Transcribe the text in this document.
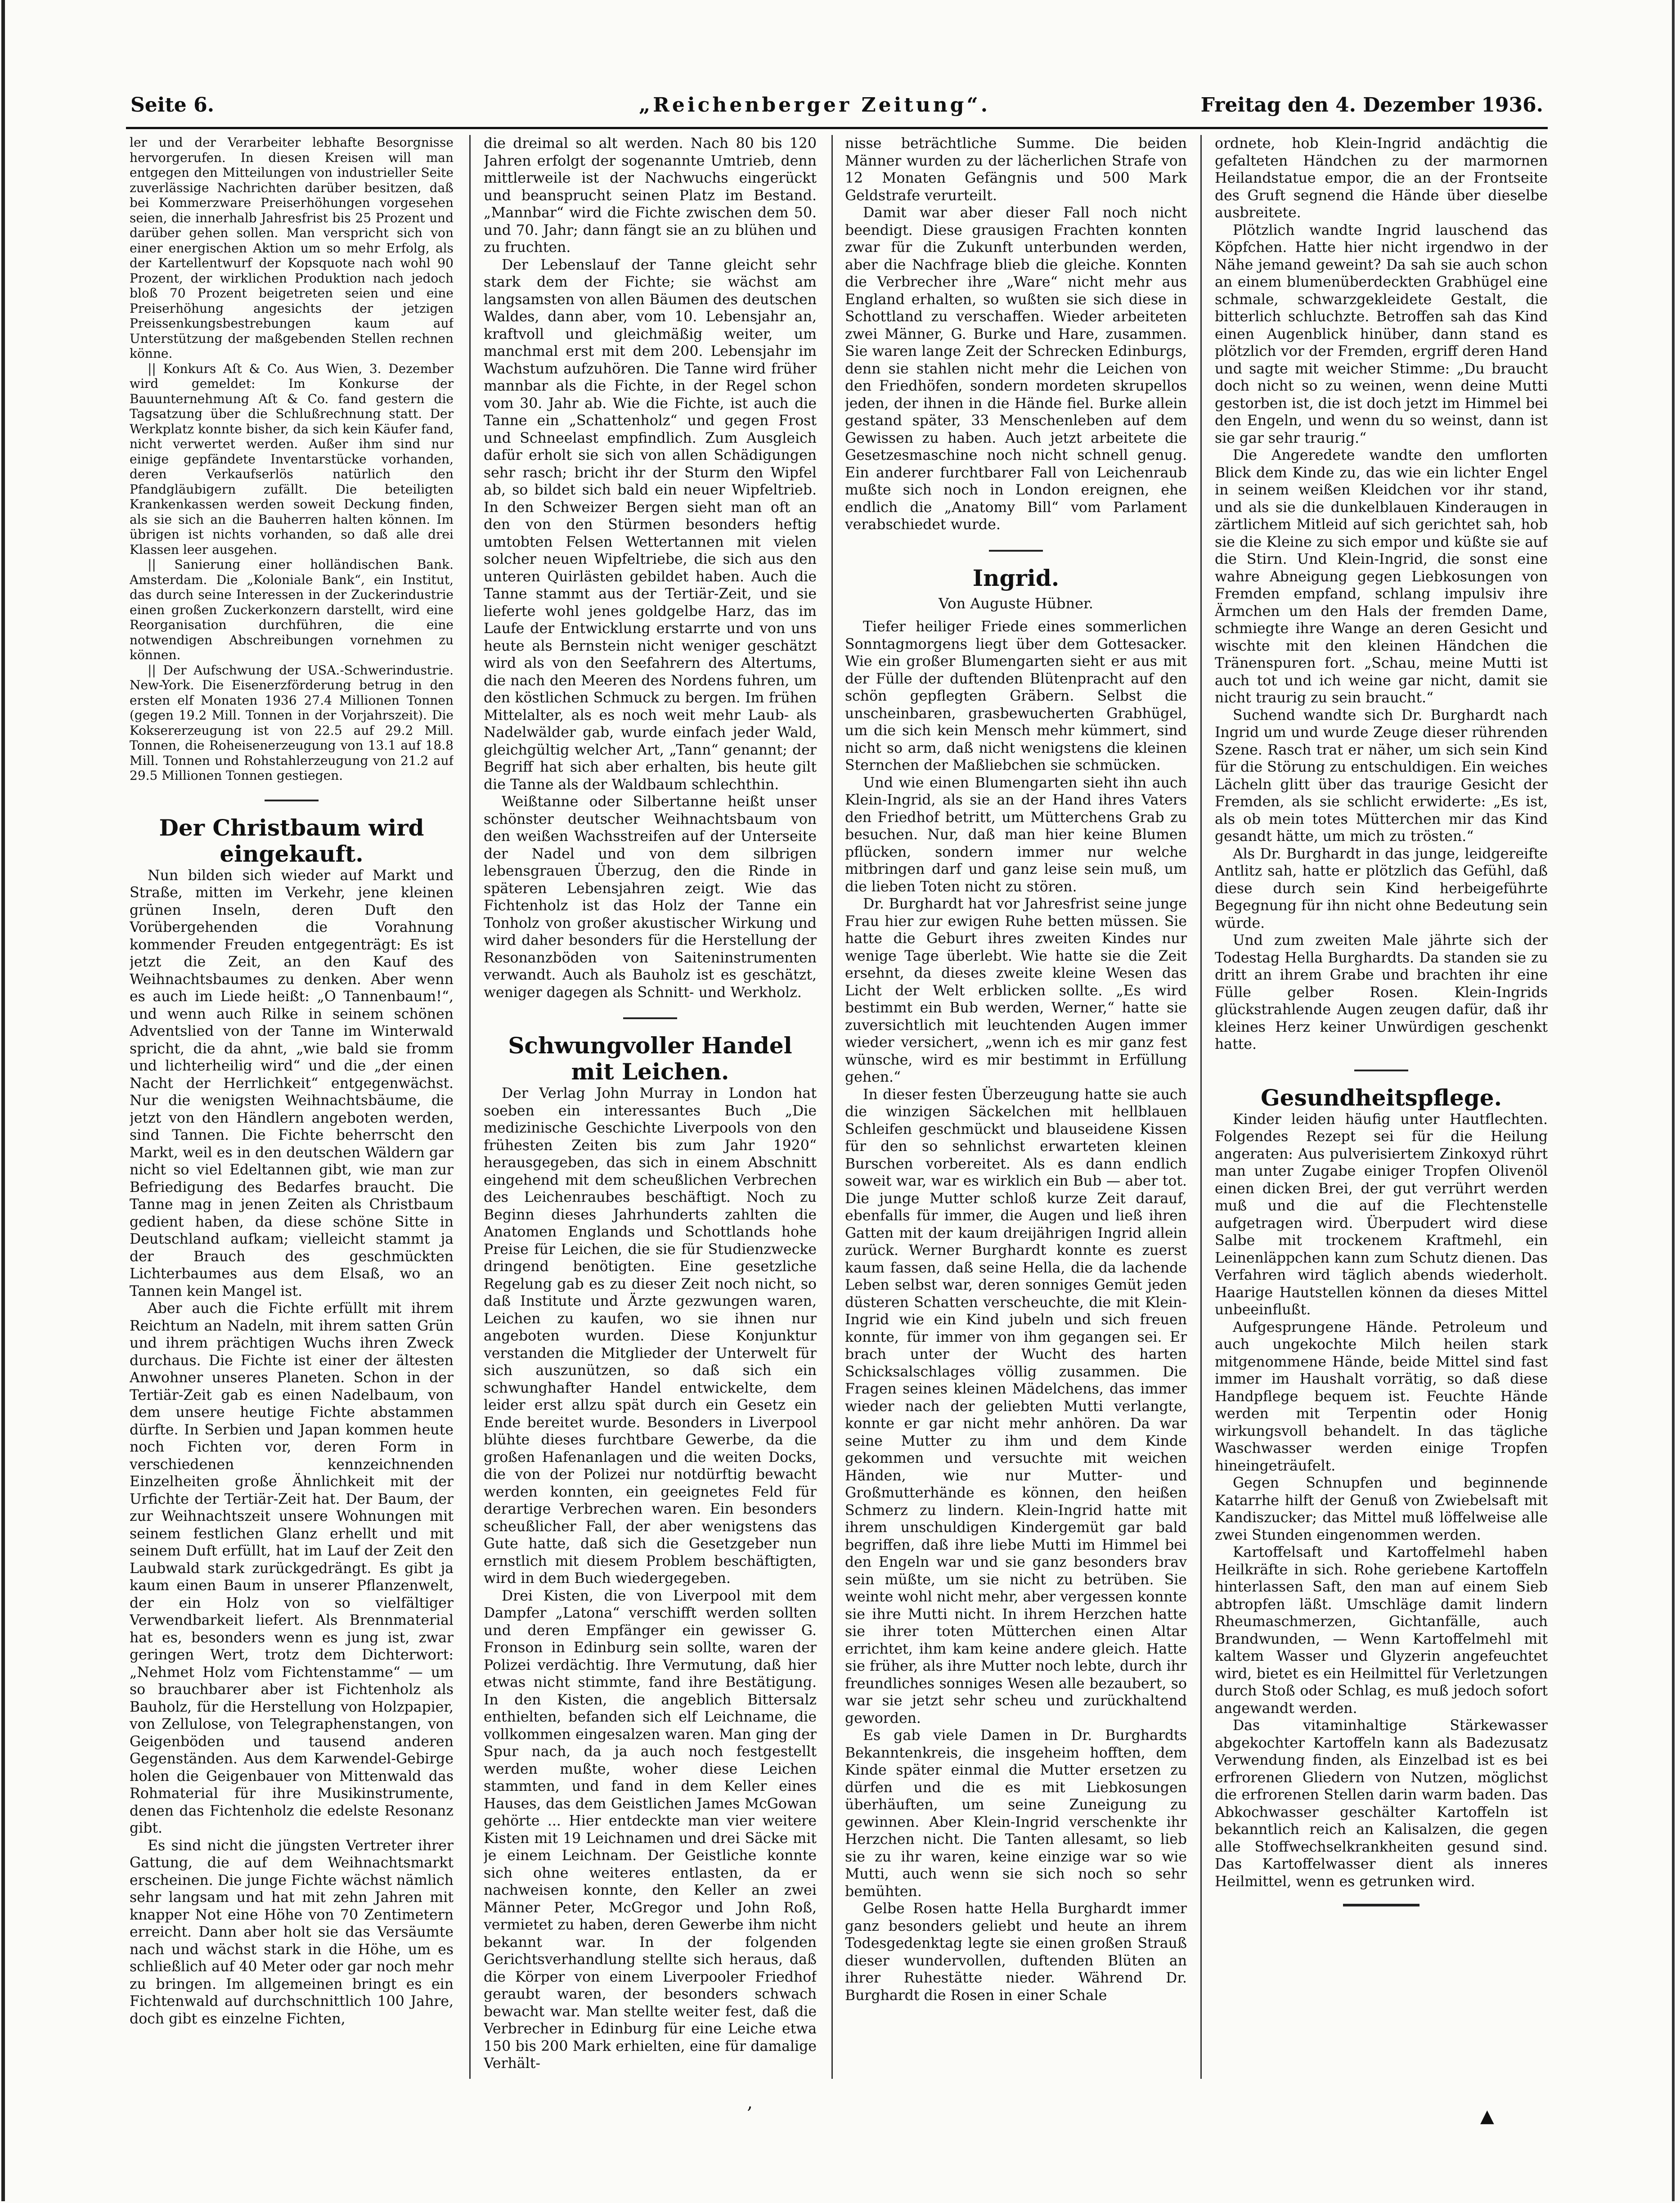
Seite 6.	„Reichenberger Zeitung“.	Freitag den 4. Dezember 1936.

ler und der Verarbeiter lebhafte Besorgnisse hervorgerufen. In diesen Kreisen will man entgegen den Mitteilungen von industrieller Seite zuverlässige Nachrichten darüber besitzen, daß bei Kommerzware Preiserhöhungen vorgesehen seien, die innerhalb Jahresfrist bis 25 Prozent und darüber gehen sollen. Man verspricht sich von einer energischen Aktion um so mehr Erfolg, als der Kartellentwurf der Kopsquote nach wohl 90 Prozent, der wirklichen Produktion nach jedoch bloß 70 Prozent beigetreten seien und eine Preiserhöhung angesichts der jetzigen Preissenkungsbestrebungen kaum auf Unterstützung der maßgebenden Stellen rechnen könne.

|| Konkurs Aſt & Co. Aus Wien, 3. Dezember wird gemeldet: Im Konkurse der Bauunternehmung Aſt & Co. fand gestern die Tagsatzung über die Schlußrechnung statt. Der Werkplatz konnte bisher, da sich kein Käufer fand, nicht verwertet werden. Außer ihm sind nur einige gepfändete Inventarstücke vorhanden, deren Verkaufserlös natürlich den Pfandgläubigern zufällt. Die beteiligten Krankenkassen werden soweit Deckung finden, als sie sich an die Bauherren halten können. Im übrigen ist nichts vorhanden, so daß alle drei Klassen leer ausgehen.

|| Sanierung einer holländischen Bank. Amsterdam. Die „Koloniale Bank“, ein Institut, das durch seine Interessen in der Zuckerindustrie einen großen Zuckerkonzern darstellt, wird eine Reorganisation durchführen, die eine notwendigen Abschreibungen vornehmen zu können.

|| Der Aufschwung der USA.-Schwerindustrie. New-York. Die Eisenerzförderung betrug in den ersten elf Monaten 1936 27.4 Millionen Tonnen (gegen 19.2 Mill. Tonnen in der Vorjahrszeit). Die Koksererzeugung ist von 22.5 auf 29.2 Mill. Tonnen, die Roheisenerzeugung von 13.1 auf 18.8 Mill. Tonnen und Rohstahlerzeugung von 21.2 auf 29.5 Millionen Tonnen gestiegen.

Der Christbaum wird eingekauft.

Nun bilden sich wieder auf Markt und Straße, mitten im Verkehr, jene kleinen grünen Inseln, deren Duft den Vorübergehenden die Vorahnung kommender Freuden entgegenträgt: Es ist jetzt die Zeit, an den Kauf des Weihnachtsbaumes zu denken. Aber wenn es auch im Liede heißt: „O Tannenbaum!“, und wenn auch Rilke in seinem schönen Adventslied von der Tanne im Winterwald spricht, die da ahnt, „wie bald sie fromm und lichterheilig wird“ und die „der einen Nacht der Herrlichkeit“ entgegenwächst. Nur die wenigsten Weihnachtsbäume, die jetzt von den Händlern angeboten werden, sind Tannen. Die Fichte beherrscht den Markt, weil es in den deutschen Wäldern gar nicht so viel Edeltannen gibt, wie man zur Befriedigung des Bedarfes braucht. Die Tanne mag in jenen Zeiten als Christbaum gedient haben, da diese schöne Sitte in Deutschland aufkam; vielleicht stammt ja der Brauch des geschmückten Lichterbaumes aus dem Elsaß, wo an Tannen kein Mangel ist.

Aber auch die Fichte erfüllt mit ihrem Reichtum an Nadeln, mit ihrem satten Grün und ihrem prächtigen Wuchs ihren Zweck durchaus. Die Fichte ist einer der ältesten Anwohner unseres Planeten. Schon in der Tertiär-Zeit gab es einen Nadelbaum, von dem unsere heutige Fichte abstammen dürfte. In Serbien und Japan kommen heute noch Fichten vor, deren Form in verschiedenen kennzeichnenden Einzelheiten große Ähnlichkeit mit der Urfichte der Tertiär-Zeit hat. Der Baum, der zur Weihnachtszeit unsere Wohnungen mit seinem festlichen Glanz erhellt und mit seinem Duft erfüllt, hat im Lauf der Zeit den Laubwald stark zurückgedrängt. Es gibt ja kaum einen Baum in unserer Pflanzenwelt, der ein Holz von so vielfältiger Verwendbarkeit liefert. Als Brennmaterial hat es, besonders wenn es jung ist, zwar geringen Wert, trotz dem Dichterwort: „Nehmet Holz vom Fichtenstamme“ — um so brauchbarer aber ist Fichtenholz als Bauholz, für die Herstellung von Holzpapier, von Zellulose, von Telegraphenstangen, von Geigenböden und tausend anderen Gegenständen. Aus dem Karwendel-Gebirge holen die Geigenbauer von Mittenwald das Rohmaterial für ihre Musikinstrumente, denen das Fichtenholz die edelste Resonanz gibt.

Es sind nicht die jüngsten Vertreter ihrer Gattung, die auf dem Weihnachtsmarkt erscheinen. Die junge Fichte wächst nämlich sehr langsam und hat mit zehn Jahren mit knapper Not eine Höhe von 70 Zentimetern erreicht. Dann aber holt sie das Versäumte nach und wächst stark in die Höhe, um es schließlich auf 40 Meter oder gar noch mehr zu bringen. Im allgemeinen bringt es ein Fichtenwald auf durchschnittlich 100 Jahre, doch gibt es einzelne Fichten,

die dreimal so alt werden. Nach 80 bis 120 Jahren erfolgt der sogenannte Umtrieb, denn mittlerweile ist der Nachwuchs eingerückt und beansprucht seinen Platz im Bestand. „Mannbar“ wird die Fichte zwischen dem 50. und 70. Jahr; dann fängt sie an zu blühen und zu fruchten.

Der Lebenslauf der Tanne gleicht sehr stark dem der Fichte; sie wächst am langsamsten von allen Bäumen des deutschen Waldes, dann aber, vom 10. Lebensjahr an, kraftvoll und gleichmäßig weiter, um manchmal erst mit dem 200. Lebensjahr im Wachstum aufzuhören. Die Tanne wird früher mannbar als die Fichte, in der Regel schon vom 30. Jahr ab. Wie die Fichte, ist auch die Tanne ein „Schattenholz“ und gegen Frost und Schneelast empfindlich. Zum Ausgleich dafür erholt sie sich von allen Schädigungen sehr rasch; bricht ihr der Sturm den Wipfel ab, so bildet sich bald ein neuer Wipfeltrieb. In den Schweizer Bergen sieht man oft an den von den Stürmen besonders heftig umtobten Felsen Wettertannen mit vielen solcher neuen Wipfeltriebe, die sich aus den unteren Quirlästen gebildet haben. Auch die Tanne stammt aus der Tertiär-Zeit, und sie lieferte wohl jenes goldgelbe Harz, das im Laufe der Entwicklung erstarrte und von uns heute als Bernstein nicht weniger geschätzt wird als von den Seefahrern des Altertums, die nach den Meeren des Nordens fuhren, um den köstlichen Schmuck zu bergen. Im frühen Mittelalter, als es noch weit mehr Laub- als Nadelwälder gab, wurde einfach jeder Wald, gleichgültig welcher Art, „Tann“ genannt; der Begriff hat sich aber erhalten, bis heute gilt die Tanne als der Waldbaum schlechthin.

Weißtanne oder Silbertanne heißt unser schönster deutscher Weihnachtsbaum von den weißen Wachsstreifen auf der Unterseite der Nadel und von dem silbrigen lebensgrauen Überzug, den die Rinde in späteren Lebensjahren zeigt. Wie das Fichtenholz ist das Holz der Tanne ein Tonholz von großer akustischer Wirkung und wird daher besonders für die Herstellung der Resonanzböden von Saiteninstrumenten verwandt. Auch als Bauholz ist es geschätzt, weniger dagegen als Schnitt- und Werkholz.

Schwungvoller Handel mit Leichen.

Der Verlag John Murray in London hat soeben ein interessantes Buch „Die medizinische Geschichte Liverpools von den frühesten Zeiten bis zum Jahr 1920“ herausgegeben, das sich in einem Abschnitt eingehend mit dem scheußlichen Verbrechen des Leichenraubes beschäftigt. Noch zu Beginn dieses Jahrhunderts zahlten die Anatomen Englands und Schottlands hohe Preise für Leichen, die sie für Studienzwecke dringend benötigten. Eine gesetzliche Regelung gab es zu dieser Zeit noch nicht, so daß Institute und Ärzte gezwungen waren, Leichen zu kaufen, wo sie ihnen nur angeboten wurden. Diese Konjunktur verstanden die Mitglieder der Unterwelt für sich auszunützen, so daß sich ein schwunghafter Handel entwickelte, dem leider erst allzu spät durch ein Gesetz ein Ende bereitet wurde. Besonders in Liverpool blühte dieses furchtbare Gewerbe, da die großen Hafenanlagen und die weiten Docks, die von der Polizei nur notdürftig bewacht werden konnten, ein geeignetes Feld für derartige Verbrechen waren. Ein besonders scheußlicher Fall, der aber wenigstens das Gute hatte, daß sich die Gesetzgeber nun ernstlich mit diesem Problem beschäftigten, wird in dem Buch wiedergegeben.

Drei Kisten, die von Liverpool mit dem Dampfer „Latona“ verschifft werden sollten und deren Empfänger ein gewisser G. Fronson in Edinburg sein sollte, waren der Polizei verdächtig. Ihre Vermutung, daß hier etwas nicht stimmte, fand ihre Bestätigung. In den Kisten, die angeblich Bittersalz enthielten, befanden sich elf Leichname, die vollkommen eingesalzen waren. Man ging der Spur nach, da ja auch noch festgestellt werden mußte, woher diese Leichen stammten, und fand in dem Keller eines Hauses, das dem Geistlichen James McGowan gehörte ... Hier entdeckte man vier weitere Kisten mit 19 Leichnamen und drei Säcke mit je einem Leichnam. Der Geistliche konnte sich ohne weiteres entlasten, da er nachweisen konnte, den Keller an zwei Männer Peter, McGregor und John Roß, vermietet zu haben, deren Gewerbe ihm nicht bekannt war. In der folgenden Gerichtsverhandlung stellte sich heraus, daß die Körper von einem Liverpooler Friedhof geraubt waren, der besonders schwach bewacht war. Man stellte weiter fest, daß die Verbrecher in Edinburg für eine Leiche etwa 150 bis 200 Mark erhielten, eine für damalige Verhält-

nisse beträchtliche Summe. Die beiden Männer wurden zu der lächerlichen Strafe von 12 Monaten Gefängnis und 500 Mark Geldstrafe verurteilt.

Damit war aber dieser Fall noch nicht beendigt. Diese grausigen Frachten konnten zwar für die Zukunft unterbunden werden, aber die Nachfrage blieb die gleiche. Konnten die Verbrecher ihre „Ware“ nicht mehr aus England erhalten, so wußten sie sich diese in Schottland zu verschaffen. Wieder arbeiteten zwei Männer, G. Burke und Hare, zusammen. Sie waren lange Zeit der Schrecken Edinburgs, denn sie stahlen nicht mehr die Leichen von den Friedhöfen, sondern mordeten skrupellos jeden, der ihnen in die Hände fiel. Burke allein gestand später, 33 Menschenleben auf dem Gewissen zu haben. Auch jetzt arbeitete die Gesetzesmaschine noch nicht schnell genug. Ein anderer furchtbarer Fall von Leichenraub mußte sich noch in London ereignen, ehe endlich die „Anatomy Bill“ vom Parlament verabschiedet wurde.

Ingrid.
Von Auguste Hübner.

Tiefer heiliger Friede eines sommerlichen Sonntagmorgens liegt über dem Gottesacker. Wie ein großer Blumengarten sieht er aus mit der Fülle der duftenden Blütenpracht auf den schön gepflegten Gräbern. Selbst die unscheinbaren, grasbewucherten Grabhügel, um die sich kein Mensch mehr kümmert, sind nicht so arm, daß nicht wenigstens die kleinen Sternchen der Maßliebchen sie schmücken.

Und wie einen Blumengarten sieht ihn auch Klein-Ingrid, als sie an der Hand ihres Vaters den Friedhof betritt, um Mütterchens Grab zu besuchen. Nur, daß man hier keine Blumen pflücken, sondern immer nur welche mitbringen darf und ganz leise sein muß, um die lieben Toten nicht zu stören.

Dr. Burghardt hat vor Jahresfrist seine junge Frau hier zur ewigen Ruhe betten müssen. Sie hatte die Geburt ihres zweiten Kindes nur wenige Tage überlebt. Wie hatte sie die Zeit ersehnt, da dieses zweite kleine Wesen das Licht der Welt erblicken sollte. „Es wird bestimmt ein Bub werden, Werner,“ hatte sie zuversichtlich mit leuchtenden Augen immer wieder versichert, „wenn ich es mir ganz fest wünsche, wird es mir bestimmt in Erfüllung gehen.“

In dieser festen Überzeugung hatte sie auch die winzigen Säckelchen mit hellblauen Schleifen geschmückt und blauseidene Kissen für den so sehnlichst erwarteten kleinen Burschen vorbereitet. Als es dann endlich soweit war, war es wirklich ein Bub — aber tot. Die junge Mutter schloß kurze Zeit darauf, ebenfalls für immer, die Augen und ließ ihren Gatten mit der kaum dreijährigen Ingrid allein zurück. Werner Burghardt konnte es zuerst kaum fassen, daß seine Hella, die da lachende Leben selbst war, deren sonniges Gemüt jeden düsteren Schatten verscheuchte, die mit Klein-Ingrid wie ein Kind jubeln und sich freuen konnte, für immer von ihm gegangen sei. Er brach unter der Wucht des harten Schicksalschlages völlig zusammen. Die Fragen seines kleinen Mädelchens, das immer wieder nach der geliebten Mutti verlangte, konnte er gar nicht mehr anhören. Da war seine Mutter zu ihm und dem Kinde gekommen und versuchte mit weichen Händen, wie nur Mutter- und Großmutterhände es können, den heißen Schmerz zu lindern. Klein-Ingrid hatte mit ihrem unschuldigen Kindergemüt gar bald begriffen, daß ihre liebe Mutti im Himmel bei den Engeln war und sie ganz besonders brav sein müßte, um sie nicht zu betrüben. Sie weinte wohl nicht mehr, aber vergessen konnte sie ihre Mutti nicht. In ihrem Herzchen hatte sie ihrer toten Mütterchen einen Altar errichtet, ihm kam keine andere gleich. Hatte sie früher, als ihre Mutter noch lebte, durch ihr freundliches sonniges Wesen alle bezaubert, so war sie jetzt sehr scheu und zurückhaltend geworden.

Es gab viele Damen in Dr. Burghardts Bekanntenkreis, die insgeheim hofften, dem Kinde später einmal die Mutter ersetzen zu dürfen und die es mit Liebkosungen überhäuften, um seine Zuneigung zu gewinnen. Aber Klein-Ingrid verschenkte ihr Herzchen nicht. Die Tanten allesamt, so lieb sie zu ihr waren, keine einzige war so wie Mutti, auch wenn sie sich noch so sehr bemühten.

Gelbe Rosen hatte Hella Burghardt immer ganz besonders geliebt und heute an ihrem Todesgedenktag legte sie einen großen Strauß dieser wundervollen, duftenden Blüten an ihrer Ruhestätte nieder. Während Dr. Burghardt die Rosen in einer Schale

ordnete, hob Klein-Ingrid andächtig die gefalteten Händchen zu der marmornen Heilandstatue empor, die an der Frontseite des Gruft segnend die Hände über dieselbe ausbreitete.

Plötzlich wandte Ingrid lauschend das Köpfchen. Hatte hier nicht irgendwo in der Nähe jemand geweint? Da sah sie auch schon an einem blumenüberdeckten Grabhügel eine schmale, schwarzgekleidete Gestalt, die bitterlich schluchzte. Betroffen sah das Kind einen Augenblick hinüber, dann stand es plötzlich vor der Fremden, ergriff deren Hand und sagte mit weicher Stimme: „Du braucht doch nicht so zu weinen, wenn deine Mutti gestorben ist, die ist doch jetzt im Himmel bei den Engeln, und wenn du so weinst, dann ist sie gar sehr traurig.“

Die Angeredete wandte den umflorten Blick dem Kinde zu, das wie ein lichter Engel in seinem weißen Kleidchen vor ihr stand, und als sie die dunkelblauen Kinderaugen in zärtlichem Mitleid auf sich gerichtet sah, hob sie die Kleine zu sich empor und küßte sie auf die Stirn. Und Klein-Ingrid, die sonst eine wahre Abneigung gegen Liebkosungen von Fremden empfand, schlang impulsiv ihre Ärmchen um den Hals der fremden Dame, schmiegte ihre Wange an deren Gesicht und wischte mit den kleinen Händchen die Tränenspuren fort. „Schau, meine Mutti ist auch tot und ich weine gar nicht, damit sie nicht traurig zu sein braucht.“

Suchend wandte sich Dr. Burghardt nach Ingrid um und wurde Zeuge dieser rührenden Szene. Rasch trat er näher, um sich sein Kind für die Störung zu entschuldigen. Ein weiches Lächeln glitt über das traurige Gesicht der Fremden, als sie schlicht erwiderte: „Es ist, als ob mein totes Mütterchen mir das Kind gesandt hätte, um mich zu trösten.“

Als Dr. Burghardt in das junge, leidgereifte Antlitz sah, hatte er plötzlich das Gefühl, daß diese durch sein Kind herbeigeführte Begegnung für ihn nicht ohne Bedeutung sein würde.

Und zum zweiten Male jährte sich der Todestag Hella Burghardts. Da standen sie zu dritt an ihrem Grabe und brachten ihr eine Fülle gelber Rosen. Klein-Ingrids glückstrahlende Augen zeugen dafür, daß ihr kleines Herz keiner Unwürdigen geschenkt hatte.

Gesundheitspflege.

Kinder leiden häufig unter Hautflechten. Folgendes Rezept sei für die Heilung angeraten: Aus pulverisiertem Zinkoxyd rührt man unter Zugabe einiger Tropfen Olivenöl einen dicken Brei, der gut verrührt werden muß und die auf die Flechtenstelle aufgetragen wird. Überpudert wird diese Salbe mit trockenem Kraftmehl, ein Leinenläppchen kann zum Schutz dienen. Das Verfahren wird täglich abends wiederholt. Haarige Hautstellen können da dieses Mittel unbeeinflußt.

Aufgesprungene Hände. Petroleum und auch ungekochte Milch heilen stark mitgenommene Hände, beide Mittel sind fast immer im Haushalt vorrätig, so daß diese Handpflege bequem ist. Feuchte Hände werden mit Terpentin oder Honig wirkungsvoll behandelt. In das tägliche Waschwasser werden einige Tropfen hineingeträufelt.

Gegen Schnupfen und beginnende Katarrhe hilft der Genuß von Zwiebelsaft mit Kandiszucker; das Mittel muß löffelweise alle zwei Stunden eingenommen werden.

Kartoffelsaft und Kartoffelmehl haben Heilkräfte in sich. Rohe geriebene Kartoffeln hinterlassen Saft, den man auf einem Sieb abtropfen läßt. Umschläge damit lindern Rheumaschmerzen, Gichtanfälle, auch Brandwunden, — Wenn Kartoffelmehl mit kaltem Wasser und Glyzerin angefeuchtet wird, bietet es ein Heilmittel für Verletzungen durch Stoß oder Schlag, es muß jedoch sofort angewandt werden.

Das vitaminhaltige Stärkewasser abgekochter Kartoffeln kann als Badezusatz Verwendung finden, als Einzelbad ist es bei erfrorenen Gliedern von Nutzen, möglichst die erfrorenen Stellen darin warm baden. Das Abkochwasser geschälter Kartoffeln ist bekanntlich reich an Kalisalzen, die gegen alle Stoffwechselkrankheiten gesund sind. Das Kartoffelwasser dient als inneres Heilmittel, wenn es getrunken wird.

‚
▲
